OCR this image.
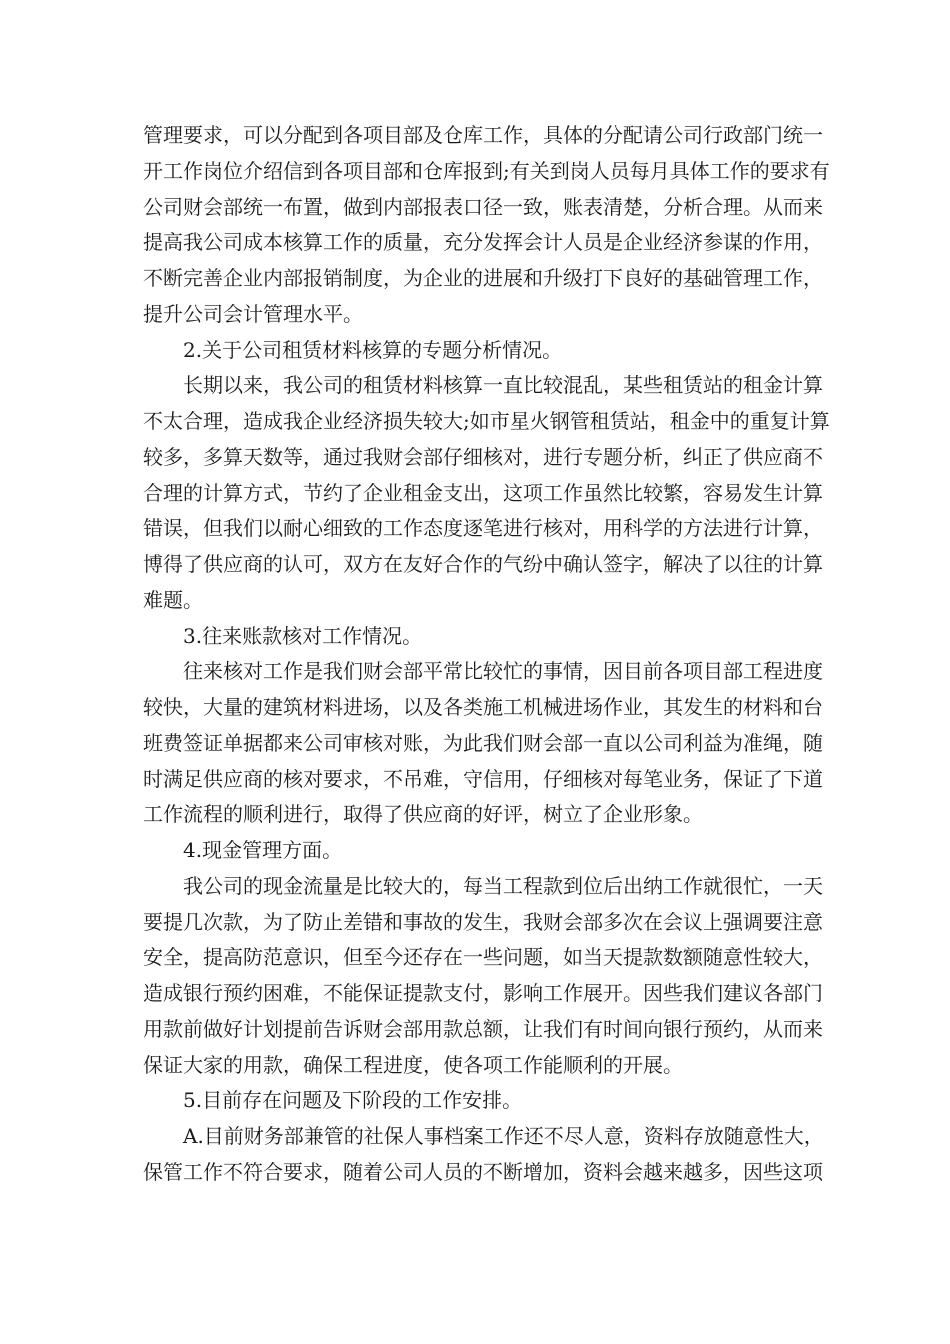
管理要求，可以分配到各项目部及仓库工作，具体的分配请公司行政部门统一
开工作岗位介绍信到各项目部和仓库报到;有关到岗人员每月具体工作的要求有
公司财会部统一布置，做到内部报表口径一致，账表清楚，分析合理。从而来
提高我公司成本核算工作的质量，充分发挥会计人员是企业经济参谋的作用，
不断完善企业内部报销制度，为企业的进展和升级打下良好的基础管理工作，
提升公司会计管理水平。

2.关于公司租赁材料核算的专题分析情况。

长期以来，我公司的租赁材料核算一直比较混乱，某些租赁站的租金计算
不太合理，造成我企业经济损失较大;如市星火钢管租赁站，租金中的重复计算
较多，多算天数等，通过我财会部仔细核对，进行专题分析，纠正了供应商不
合理的计算方式，节约了企业租金支出，这项工作虽然比较繁，容易发生计算
错误，但我们以耐心细致的工作态度逐笔进行核对，用科学的方法进行计算，
博得了供应商的认可，双方在友好合作的气纷中确认签字，解决了以往的计算
难题。

3.往来账款核对工作情况。

往来核对工作是我们财会部平常比较忙的事情，因目前各项目部工程进度
较快，大量的建筑材料进场，以及各类施工机械进场作业，其发生的材料和台
班费签证单据都来公司审核对账，为此我们财会部一直以公司利益为准绳，随
时满足供应商的核对要求，不吊难，守信用，仔细核对每笔业务，保证了下道
工作流程的顺利进行，取得了供应商的好评，树立了企业形象。

4.现金管理方面。

我公司的现金流量是比较大的，每当工程款到位后出纳工作就很忙，一天
要提几次款，为了防止差错和事故的发生，我财会部多次在会议上强调要注意
安全，提高防范意识，但至今还存在一些问题，如当天提款数额随意性较大，
造成银行预约困难，不能保证提款支付，影响工作展开。因些我们建议各部门
用款前做好计划提前告诉财会部用款总额，让我们有时间向银行预约，从而来
保证大家的用款，确保工程进度，使各项工作能顺利的开展。

5.目前存在问题及下阶段的工作安排。

A.目前财务部兼管的社保人事档案工作还不尽人意，资料存放随意性大，
保管工作不符合要求，随着公司人员的不断增加，资料会越来越多，因些这项
